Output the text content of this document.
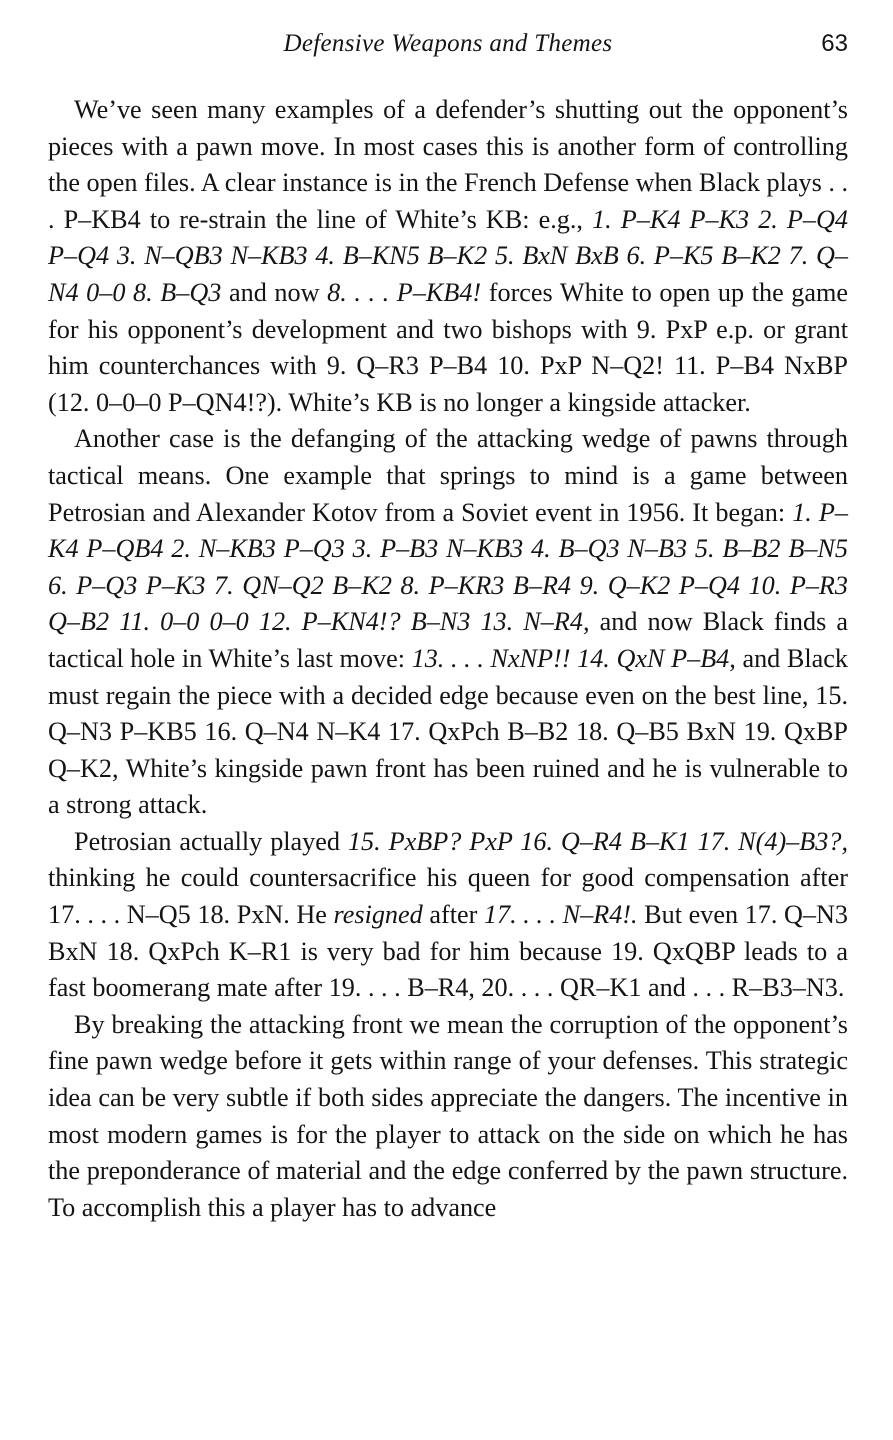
Defensive Weapons and Themes	63

We’ve seen many examples of a defender’s shutting out the opponent’s pieces with a pawn move. In most cases this is another form of controlling the open files. A clear instance is in the French Defense when Black plays . . . P–KB4 to re-strain the line of White’s KB: e.g., 1. P–K4 P–K3 2. P–Q4 P–Q4 3. N–QB3 N–KB3 4. B–KN5 B–K2 5. BxN BxB 6. P–K5 B–K2 7. Q–N4 0–0 8. B–Q3 and now 8. . . . P–KB4! forces White to open up the game for his opponent’s development and two bishops with 9. PxP e.p. or grant him counterchances with 9. Q–R3 P–B4 10. PxP N–Q2! 11. P–B4 NxBP (12. 0–0–0 P–QN4!?). White’s KB is no longer a kingside attacker.

Another case is the defanging of the attacking wedge of pawns through tactical means. One example that springs to mind is a game between Petrosian and Alexander Kotov from a Soviet event in 1956. It began: 1. P–K4 P–QB4 2. N–KB3 P–Q3 3. P–B3 N–KB3 4. B–Q3 N–B3 5. B–B2 B–N5 6. P–Q3 P–K3 7. QN–Q2 B–K2 8. P–KR3 B–R4 9. Q–K2 P–Q4 10. P–R3 Q–B2 11. 0–0 0–0 12. P–KN4!? B–N3 13. N–R4, and now Black finds a tactical hole in White’s last move: 13. . . . NxNP!! 14. QxN P–B4, and Black must regain the piece with a decided edge because even on the best line, 15. Q–N3 P–KB5 16. Q–N4 N–K4 17. QxPch B–B2 18. Q–B5 BxN 19. QxBP Q–K2, White’s kingside pawn front has been ruined and he is vulnerable to a strong attack.

Petrosian actually played 15. PxBP? PxP 16. Q–R4 B–K1 17. N(4)–B3?, thinking he could countersacrifice his queen for good compensation after 17. . . . N–Q5 18. PxN. He resigned after 17. . . . N–R4!. But even 17. Q–N3 BxN 18. QxPch K–R1 is very bad for him because 19. QxQBP leads to a fast boomerang mate after 19. . . . B–R4, 20. . . . QR–K1 and . . . R–B3–N3.

By breaking the attacking front we mean the corruption of the opponent’s fine pawn wedge before it gets within range of your defenses. This strategic idea can be very subtle if both sides appreciate the dangers. The incentive in most modern games is for the player to attack on the side on which he has the preponderance of material and the edge conferred by the pawn structure. To accomplish this a player has to advance
